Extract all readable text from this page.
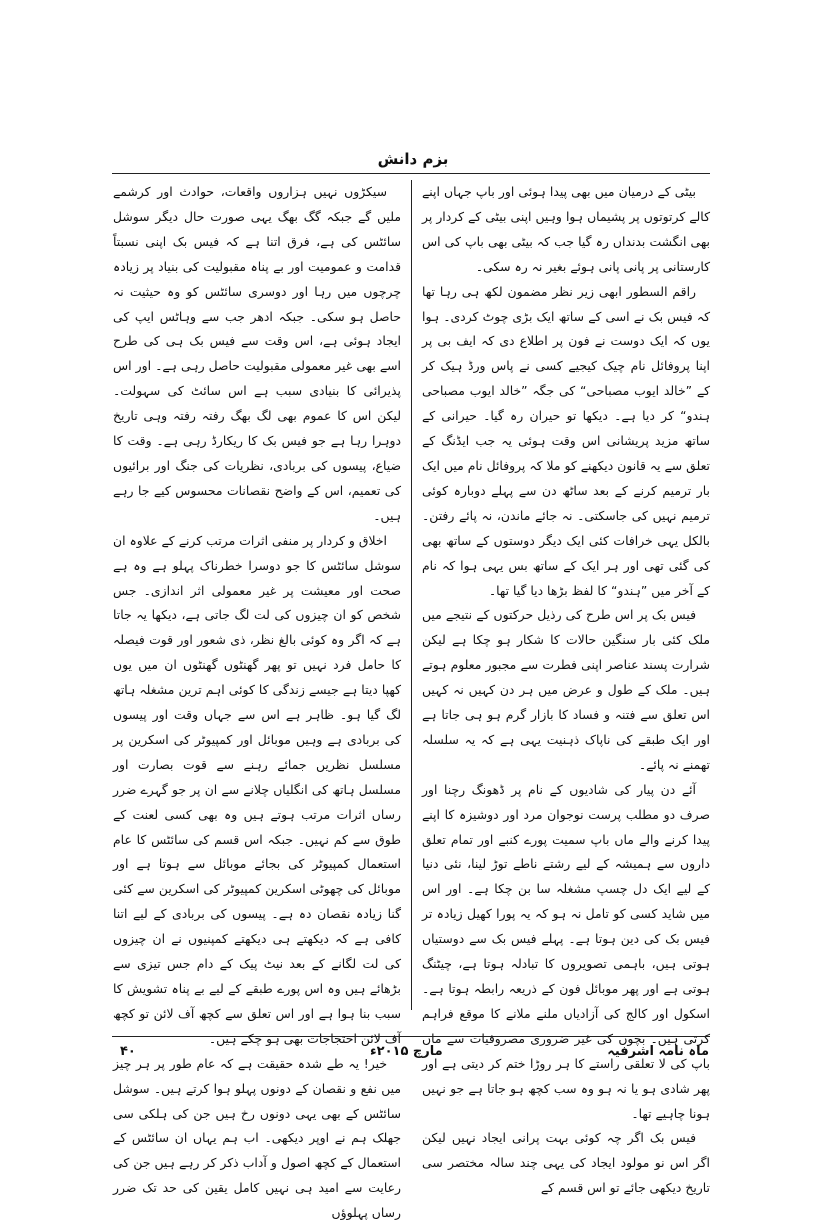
بزم دانش

بیٹی کے درمیان میں بھی پیدا ہوئی اور باپ جہاں اپنے کالے کرتوتوں پر پشیماں ہوا وہیں اپنی بیٹی کے کردار پر بھی انگشت بدنداں رہ گیا جب کہ بیٹی بھی باپ کی اس کارستانی پر پانی پانی ہوئے بغیر نہ رہ سکی۔

راقم السطور ابھی زیر نظر مضمون لکھ ہی رہا تھا کہ فیس بک نے اسی کے ساتھ ایک بڑی چوٹ کردی۔ ہوا یوں کہ ایک دوست نے فون پر اطلاع دی کہ ایف بی پر اپنا پروفائل نام چیک کیجیے کسی نے پاس ورڈ ہیک کر کے ”خالد ایوب مصباحی“ کی جگہ ”خالد ایوب مصباحی ہندو“ کر دیا ہے۔ دیکھا تو حیران رہ گیا۔ حیرانی کے ساتھ مزید پریشانی اس وقت ہوئی یہ جب ایڈنگ کے تعلق سے یہ قانون دیکھنے کو ملا کہ پروفائل نام میں ایک بار ترمیم کرنے کے بعد ساٹھ دن سے پہلے دوبارہ کوئی ترمیم نہیں کی جاسکتی۔ نہ جائے ماندن، نہ پائے رفتن۔ بالکل یہی خرافات کئی ایک دیگر دوستوں کے ساتھ بھی کی گئی تھی اور ہر ایک کے ساتھ بس یہی ہوا کہ نام کے آخر میں ”ہندو“ کا لفظ بڑھا دیا گیا تھا۔

فیس بک پر اس طرح کی رذیل حرکتوں کے نتیجے میں ملک کئی بار سنگین حالات کا شکار ہو چکا ہے لیکن شرارت پسند عناصر اپنی فطرت سے مجبور معلوم ہوتے ہیں۔ ملک کے طول و عرض میں ہر دن کہیں نہ کہیں اس تعلق سے فتنہ و فساد کا بازار گرم ہو ہی جاتا ہے اور ایک طبقے کی ناپاک ذہنیت یہی ہے کہ یہ سلسلہ تھمنے نہ پائے۔

آئے دن پیار کی شادیوں کے نام پر ڈھونگ رچنا اور صرف دو مطلب پرست نوجوان مرد اور دوشیزہ کا اپنے پیدا کرنے والے ماں باپ سمیت پورے کنبے اور تمام تعلق داروں سے ہمیشہ کے لیے رشتے ناطے توڑ لینا، نئی دنیا کے لیے ایک دل چسپ مشغلہ سا بن چکا ہے۔ اور اس میں شاید کسی کو تامل نہ ہو کہ یہ پورا کھیل زیادہ تر فیس بک کی دین ہوتا ہے۔ پہلے فیس بک سے دوستیاں ہوتی ہیں، باہمی تصویروں کا تبادلہ ہوتا ہے، چیٹنگ ہوتی ہے اور پھر موبائل فون کے ذریعہ رابطہ ہوتا ہے۔ اسکول اور کالج کی آزادیاں ملنے ملانے کا موقع فراہم کرتی ہیں۔ بچوں کی غیر ضروری مصروفیات سے ماں باپ کی لا تعلقی راستے کا ہر روڑا ختم کر دیتی ہے اور پھر شادی ہو یا نہ ہو وہ سب کچھ ہو جاتا ہے جو نہیں ہونا چاہیے تھا۔

فیس بک اگر چہ کوئی بہت پرانی ایجاد نہیں لیکن اگر اس نو مولود ایجاد کی یہی چند سالہ مختصر سی تاریخ دیکھی جائے تو اس قسم کے

سیکڑوں نہیں ہزاروں واقعات، حوادث اور کرشمے ملیں گے جبکہ گگ بھگ یہی صورت حال دیگر سوشل سائٹس کی ہے، فرق اتنا ہے کہ فیس بک اپنی نسبتاً قدامت و عمومیت اور بے پناہ مقبولیت کی بنیاد پر زیادہ چرچوں میں رہا اور دوسری سائٹس کو وہ حیثیت نہ حاصل ہو سکی۔ جبکہ ادھر جب سے وہاٹس ایپ کی ایجاد ہوئی ہے، اس وقت سے فیس بک ہی کی طرح اسے بھی غیر معمولی مقبولیت حاصل رہی ہے۔ اور اس پذیرائی کا بنیادی سبب ہے اس سائٹ کی سہولت۔ لیکن اس کا عموم بھی لگ بھگ رفتہ رفتہ وہی تاریخ دوہرا رہا ہے جو فیس بک کا ریکارڈ رہی ہے۔ وقت کا ضیاع، پیسوں کی بربادی، نظریات کی جنگ اور برائیوں کی تعمیم، اس کے واضح نقصانات محسوس کیے جا رہے ہیں۔

اخلاق و کردار پر منفی اثرات مرتب کرنے کے علاوہ ان سوشل سائٹس کا جو دوسرا خطرناک پہلو ہے وہ ہے صحت اور معیشت پر غیر معمولی اثر اندازی۔ جس شخص کو ان چیزوں کی لت لگ جاتی ہے، دیکھا یہ جاتا ہے کہ اگر وہ کوئی بالغ نظر، ذی شعور اور قوت فیصلہ کا حامل فرد نہیں تو پھر گھنٹوں گھنٹوں ان میں یوں کھپا دیتا ہے جیسے زندگی کا کوئی اہم ترین مشغلہ ہاتھ لگ گیا ہو۔ ظاہر ہے اس سے جہاں وقت اور پیسوں کی بربادی ہے وہیں موبائل اور کمپیوٹر کی اسکرین پر مسلسل نظریں جمائے رہنے سے قوت بصارت اور مسلسل ہاتھ کی انگلیاں چلانے سے ان پر جو گہرے ضرر رساں اثرات مرتب ہوتے ہیں وہ بھی کسی لعنت کے طوق سے کم نہیں۔ جبکہ اس قسم کی سائٹس کا عام استعمال کمپیوٹر کی بجائے موبائل سے ہوتا ہے اور موبائل کی چھوٹی اسکرین کمپیوٹر کی اسکرین سے کئی گنا زیادہ نقصان دہ ہے۔ پیسوں کی بربادی کے لیے اتنا کافی ہے کہ دیکھتے ہی دیکھتے کمپنیوں نے ان چیزوں کی لت لگانے کے بعد نیٹ پیک کے دام جس تیزی سے بڑھائے ہیں وہ اس پورے طبقے کے لیے بے پناہ تشویش کا سبب بنا ہوا ہے اور اس تعلق سے کچھ آف لائن تو کچھ آف لائن احتجاجات بھی ہو چکے ہیں۔

خیر! یہ طے شدہ حقیقت ہے کہ عام طور پر ہر چیز میں نفع و نقصان کے دونوں پہلو ہوا کرتے ہیں۔ سوشل سائٹس کے بھی یہی دونوں رخ ہیں جن کی ہلکی سی جھلک ہم نے اوپر دیکھی۔ اب ہم یہاں ان سائٹس کے استعمال کے کچھ اصول و آداب ذکر کر رہے ہیں جن کی رعایت سے امید ہی نہیں کامل یقین کی حد تک ضرر رساں پہلوؤں

ماہ نامہ اشرفیہ
مارچ ۲۰۱۵ء
۴۰
